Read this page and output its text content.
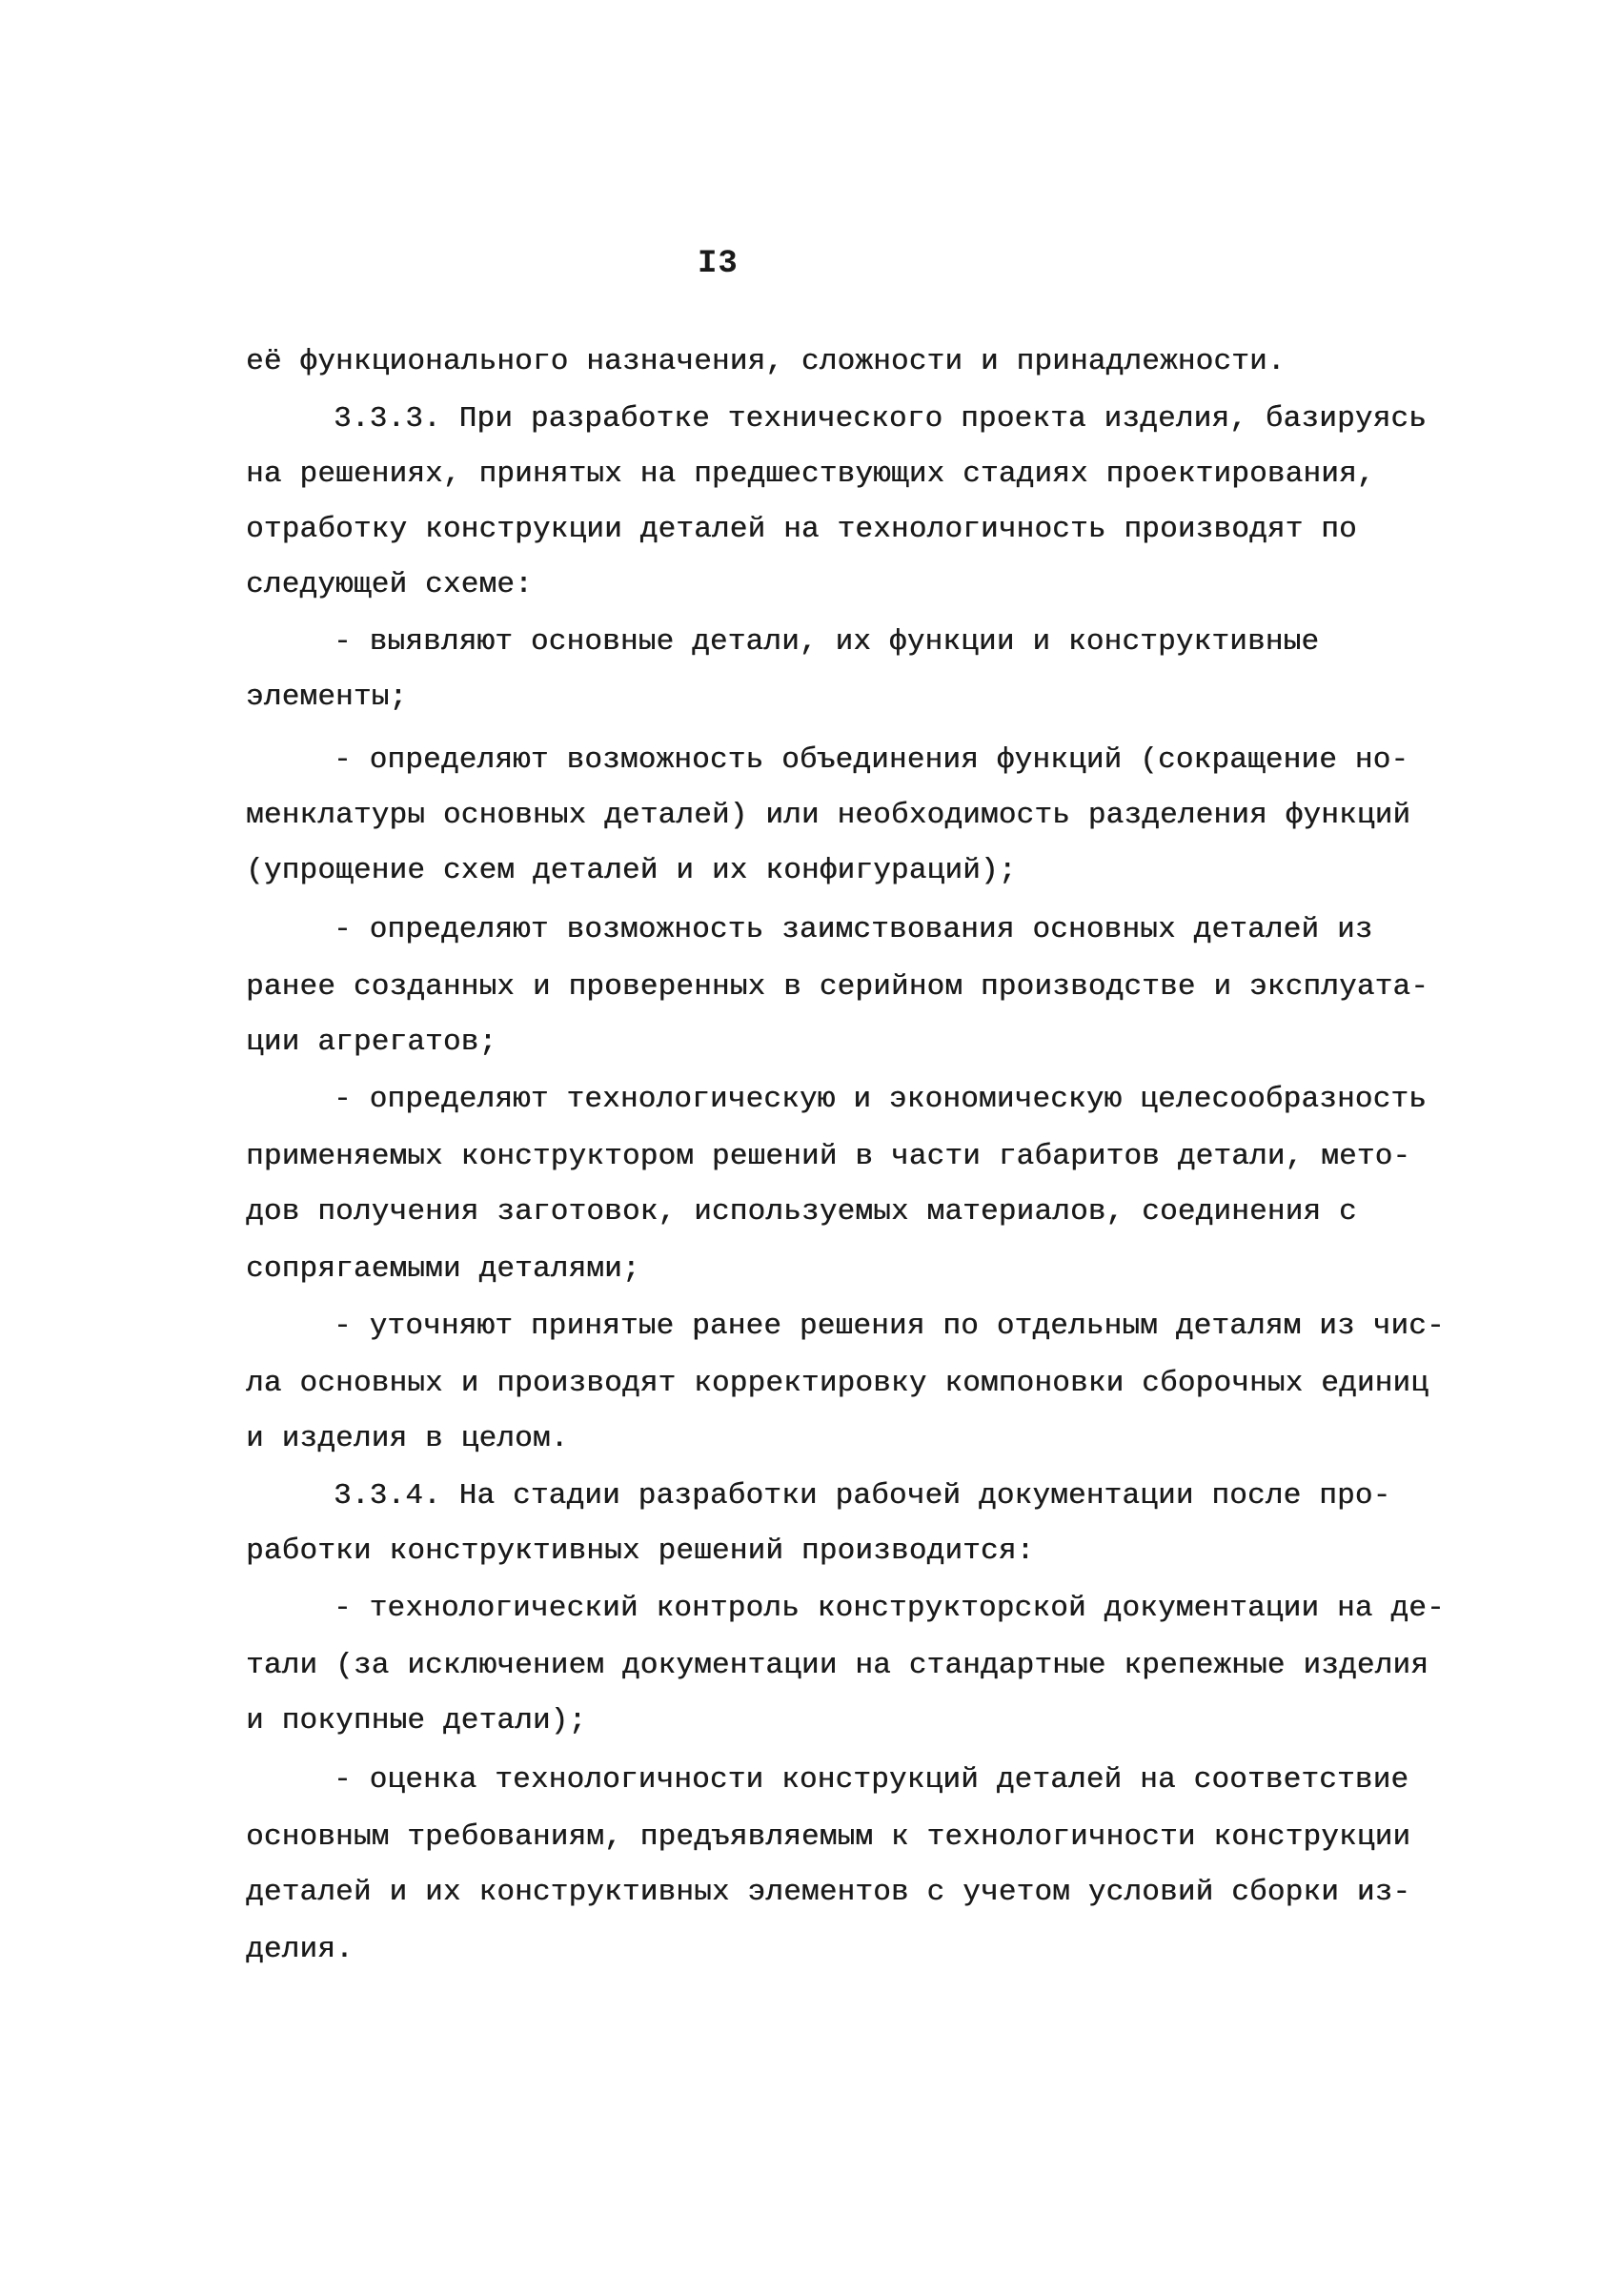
I3
её функционального назначения, сложности и принадлежности.
3.3.3. При разработке технического проекта изделия, базируясь
на решениях, принятых на предшествующих стадиях проектирования,
отработку конструкции деталей на технологичность производят по
следующей схеме:
- выявляют основные детали, их функции и конструктивные
элементы;
- определяют возможность объединения функций (сокращение но-
менклатуры основных деталей) или необходимость разделения функций
(упрощение схем деталей и их конфигураций);
- определяют возможность заимствования основных деталей из
ранее созданных и проверенных в серийном производстве и эксплуата-
ции агрегатов;
- определяют технологическую и экономическую целесообразность
применяемых конструктором решений в части габаритов детали, мето-
дов получения заготовок, используемых материалов, соединения с
сопрягаемыми деталями;
- уточняют принятые ранее решения по отдельным деталям из чис-
ла основных и производят корректировку компоновки сборочных единиц
и изделия в целом.
3.3.4. На стадии разработки рабочей документации после про-
работки конструктивных решений производится:
- технологический контроль конструкторской документации на де-
тали (за исключением документации на стандартные крепежные изделия
и покупные детали);
- оценка технологичности конструкций деталей на соответствие
основным требованиям, предъявляемым к технологичности конструкции
деталей и их конструктивных элементов с учетом условий сборки из-
делия.
